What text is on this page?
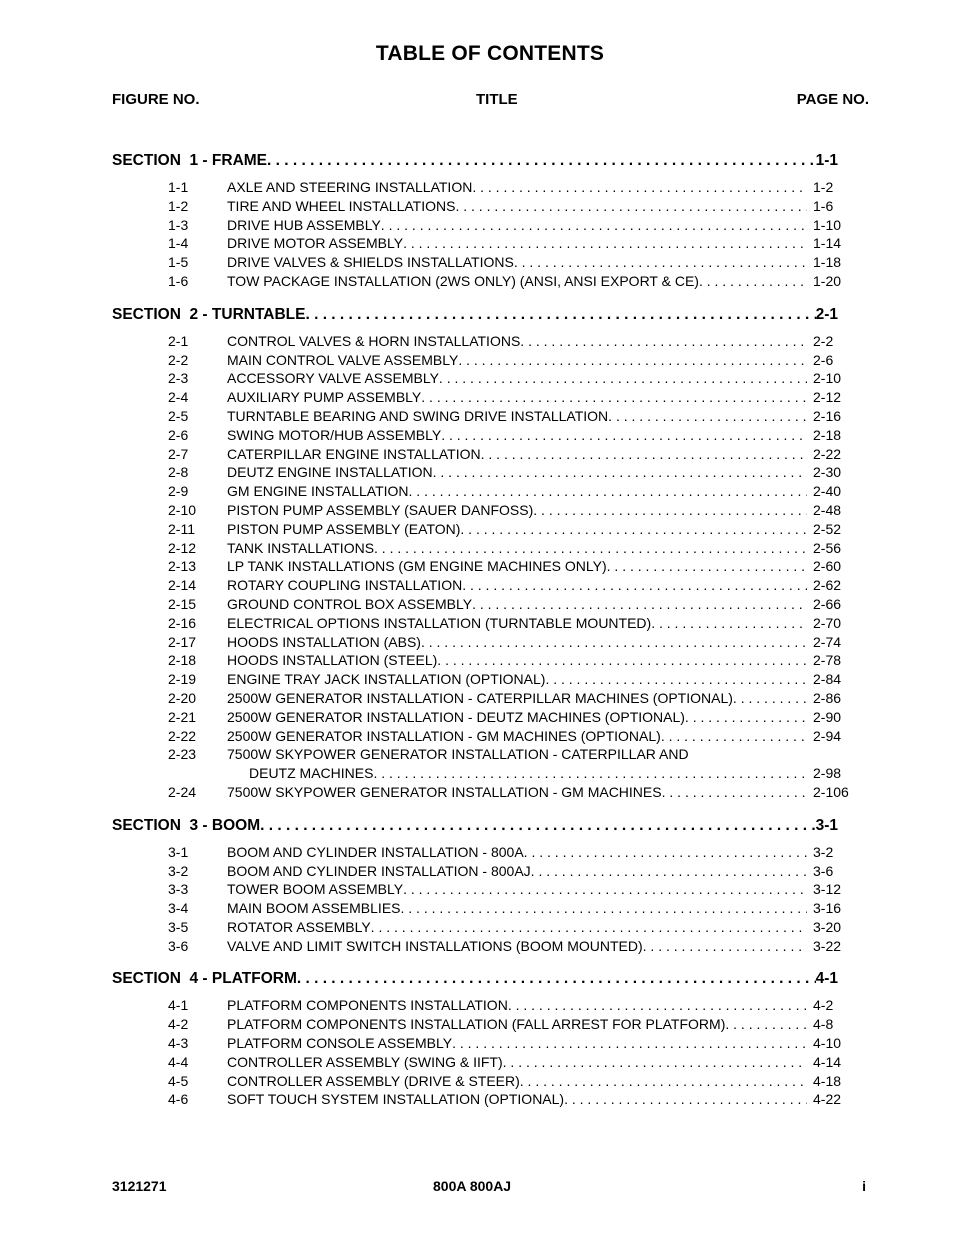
TABLE OF CONTENTS
FIGURE NO.	TITLE	PAGE NO.
SECTION  1 - FRAME . . .	1-1
1-1	AXLE AND STEERING INSTALLATION . . .	1-2
1-2	TIRE AND WHEEL INSTALLATIONS . . .	1-6
1-3	DRIVE HUB ASSEMBLY . . .	1-10
1-4	DRIVE MOTOR ASSEMBLY . . .	1-14
1-5	DRIVE VALVES & SHIELDS INSTALLATIONS . . .	1-18
1-6	TOW PACKAGE INSTALLATION (2WS ONLY) (ANSI, ANSI EXPORT & CE) . . .	1-20
SECTION  2 - TURNTABLE . . .	2-1
2-1	CONTROL VALVES & HORN INSTALLATIONS . . .	2-2
2-2	MAIN CONTROL VALVE ASSEMBLY . . .	2-6
2-3	ACCESSORY VALVE ASSEMBLY . . .	2-10
2-4	AUXILIARY PUMP ASSEMBLY . . .	2-12
2-5	TURNTABLE BEARING AND SWING DRIVE INSTALLATION . . .	2-16
2-6	SWING MOTOR/HUB ASSEMBLY . . .	2-18
2-7	CATERPILLAR ENGINE INSTALLATION . . .	2-22
2-8	DEUTZ ENGINE INSTALLATION . . .	2-30
2-9	GM ENGINE INSTALLATION . . .	2-40
2-10	PISTON PUMP ASSEMBLY (SAUER DANFOSS) . . .	2-48
2-11	PISTON PUMP ASSEMBLY (EATON) . . .	2-52
2-12	TANK INSTALLATIONS . . .	2-56
2-13	LP TANK INSTALLATIONS (GM ENGINE MACHINES ONLY) . . .	2-60
2-14	ROTARY COUPLING INSTALLATION . . .	2-62
2-15	GROUND CONTROL BOX ASSEMBLY . . .	2-66
2-16	ELECTRICAL OPTIONS INSTALLATION (TURNTABLE MOUNTED) . . .	2-70
2-17	HOODS INSTALLATION (ABS) . . .	2-74
2-18	HOODS INSTALLATION (STEEL) . . .	2-78
2-19	ENGINE TRAY JACK INSTALLATION (OPTIONAL) . . .	2-84
2-20	2500W GENERATOR INSTALLATION - CATERPILLAR MACHINES (OPTIONAL) . . .	2-86
2-21	2500W GENERATOR INSTALLATION - DEUTZ MACHINES (OPTIONAL) . . .	2-90
2-22	2500W GENERATOR INSTALLATION - GM MACHINES (OPTIONAL) . . .	2-94
2-23	7500W SKYPOWER GENERATOR INSTALLATION - CATERPILLAR AND
DEUTZ MACHINES . . .	2-98
2-24	7500W SKYPOWER GENERATOR INSTALLATION - GM MACHINES . . .	2-106
SECTION  3 - BOOM . . .	3-1
3-1	BOOM AND CYLINDER INSTALLATION - 800A . . .	3-2
3-2	BOOM AND CYLINDER INSTALLATION - 800AJ . . .	3-6
3-3	TOWER BOOM ASSEMBLY . . .	3-12
3-4	MAIN BOOM ASSEMBLIES . . .	3-16
3-5	ROTATOR ASSEMBLY . . .	3-20
3-6	VALVE AND LIMIT SWITCH INSTALLATIONS (BOOM MOUNTED) . . .	3-22
SECTION  4 - PLATFORM . . .	4-1
4-1	PLATFORM COMPONENTS INSTALLATION . . .	4-2
4-2	PLATFORM COMPONENTS INSTALLATION (FALL ARREST FOR PLATFORM) . . .	4-8
4-3	PLATFORM CONSOLE ASSEMBLY . . .	4-10
4-4	CONTROLLER ASSEMBLY (SWING & IIFT) . . .	4-14
4-5	CONTROLLER ASSEMBLY (DRIVE & STEER) . . .	4-18
4-6	SOFT TOUCH SYSTEM INSTALLATION (OPTIONAL) . . .	4-22
3121271	800A 800AJ	i
